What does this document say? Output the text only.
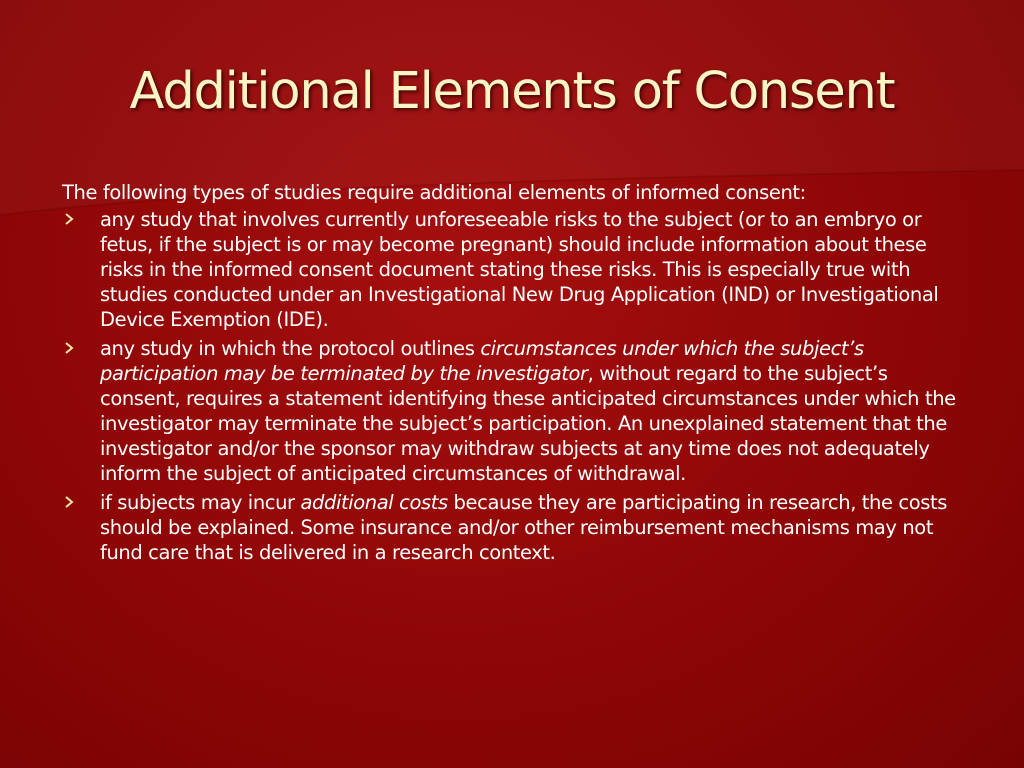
Additional Elements of Consent

The following types of studies require additional elements of informed consent:

any study that involves currently unforeseeable risks to the subject (or to an embryo or fetus, if the subject is or may become pregnant) should include information about these risks in the informed consent document stating these risks. This is especially true with studies conducted under an Investigational New Drug Application (IND) or Investigational Device Exemption (IDE).
any study in which the protocol outlines circumstances under which the subject’s participation may be terminated by the investigator, without regard to the subject’s consent, requires a statement identifying these anticipated circumstances under which the investigator may terminate the subject’s participation. An unexplained statement that the investigator and/or the sponsor may withdraw subjects at any time does not adequately inform the subject of anticipated circumstances of withdrawal.
if subjects may incur additional costs because they are participating in research, the costs should be explained. Some insurance and/or other reimbursement mechanisms may not fund care that is delivered in a research context.
